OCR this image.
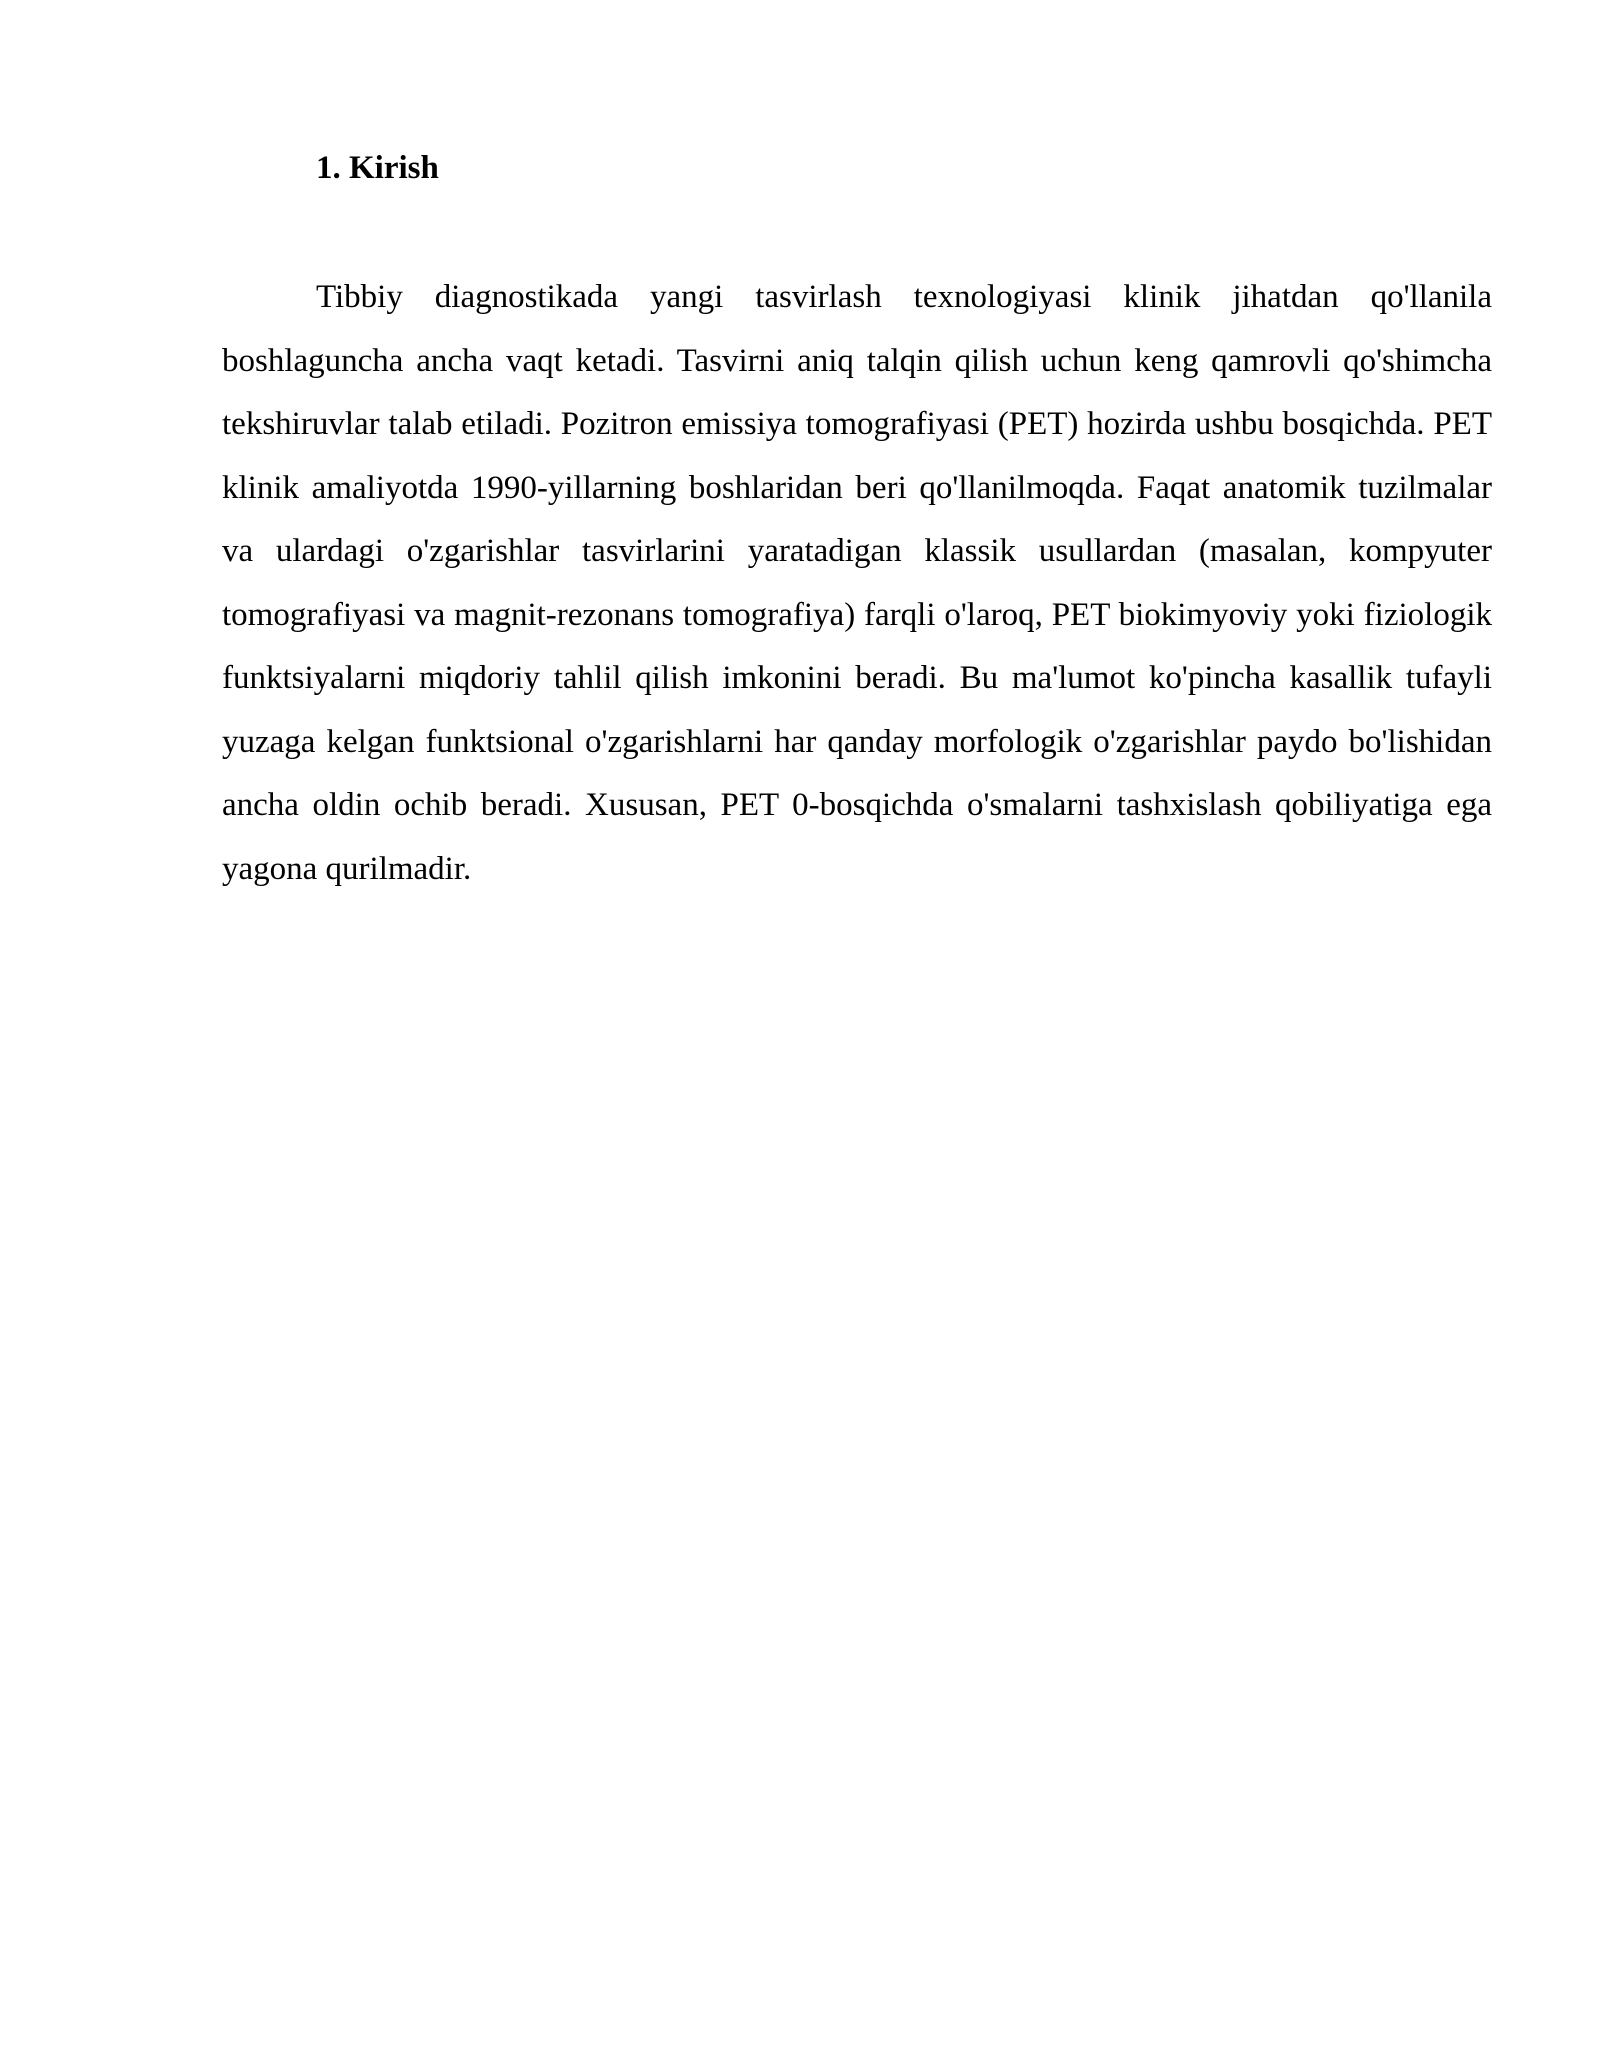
1. Kirish

Tibbiy diagnostikada yangi tasvirlash texnologiyasi klinik jihatdan qo'llanila boshlaguncha ancha vaqt ketadi. Tasvirni aniq talqin qilish uchun keng qamrovli qo'shimcha tekshiruvlar talab etiladi. Pozitron emissiya tomografiyasi (PET) hozirda ushbu bosqichda. PET klinik amaliyotda 1990-yillarning boshlaridan beri qo'llanilmoqda. Faqat anatomik tuzilmalar va ulardagi o'zgarishlar tasvirlarini yaratadigan klassik usullardan (masalan, kompyuter tomografiyasi va magnit-rezonans tomografiya) farqli o'laroq, PET biokimyoviy yoki fiziologik funktsiyalarni miqdoriy tahlil qilish imkonini beradi. Bu ma'lumot ko'pincha kasallik tufayli yuzaga kelgan funktsional o'zgarishlarni har qanday morfologik o'zgarishlar paydo bo'lishidan ancha oldin ochib beradi. Xususan, PET 0-bosqichda o'smalarni tashxislash qobiliyatiga ega yagona qurilmadir.
